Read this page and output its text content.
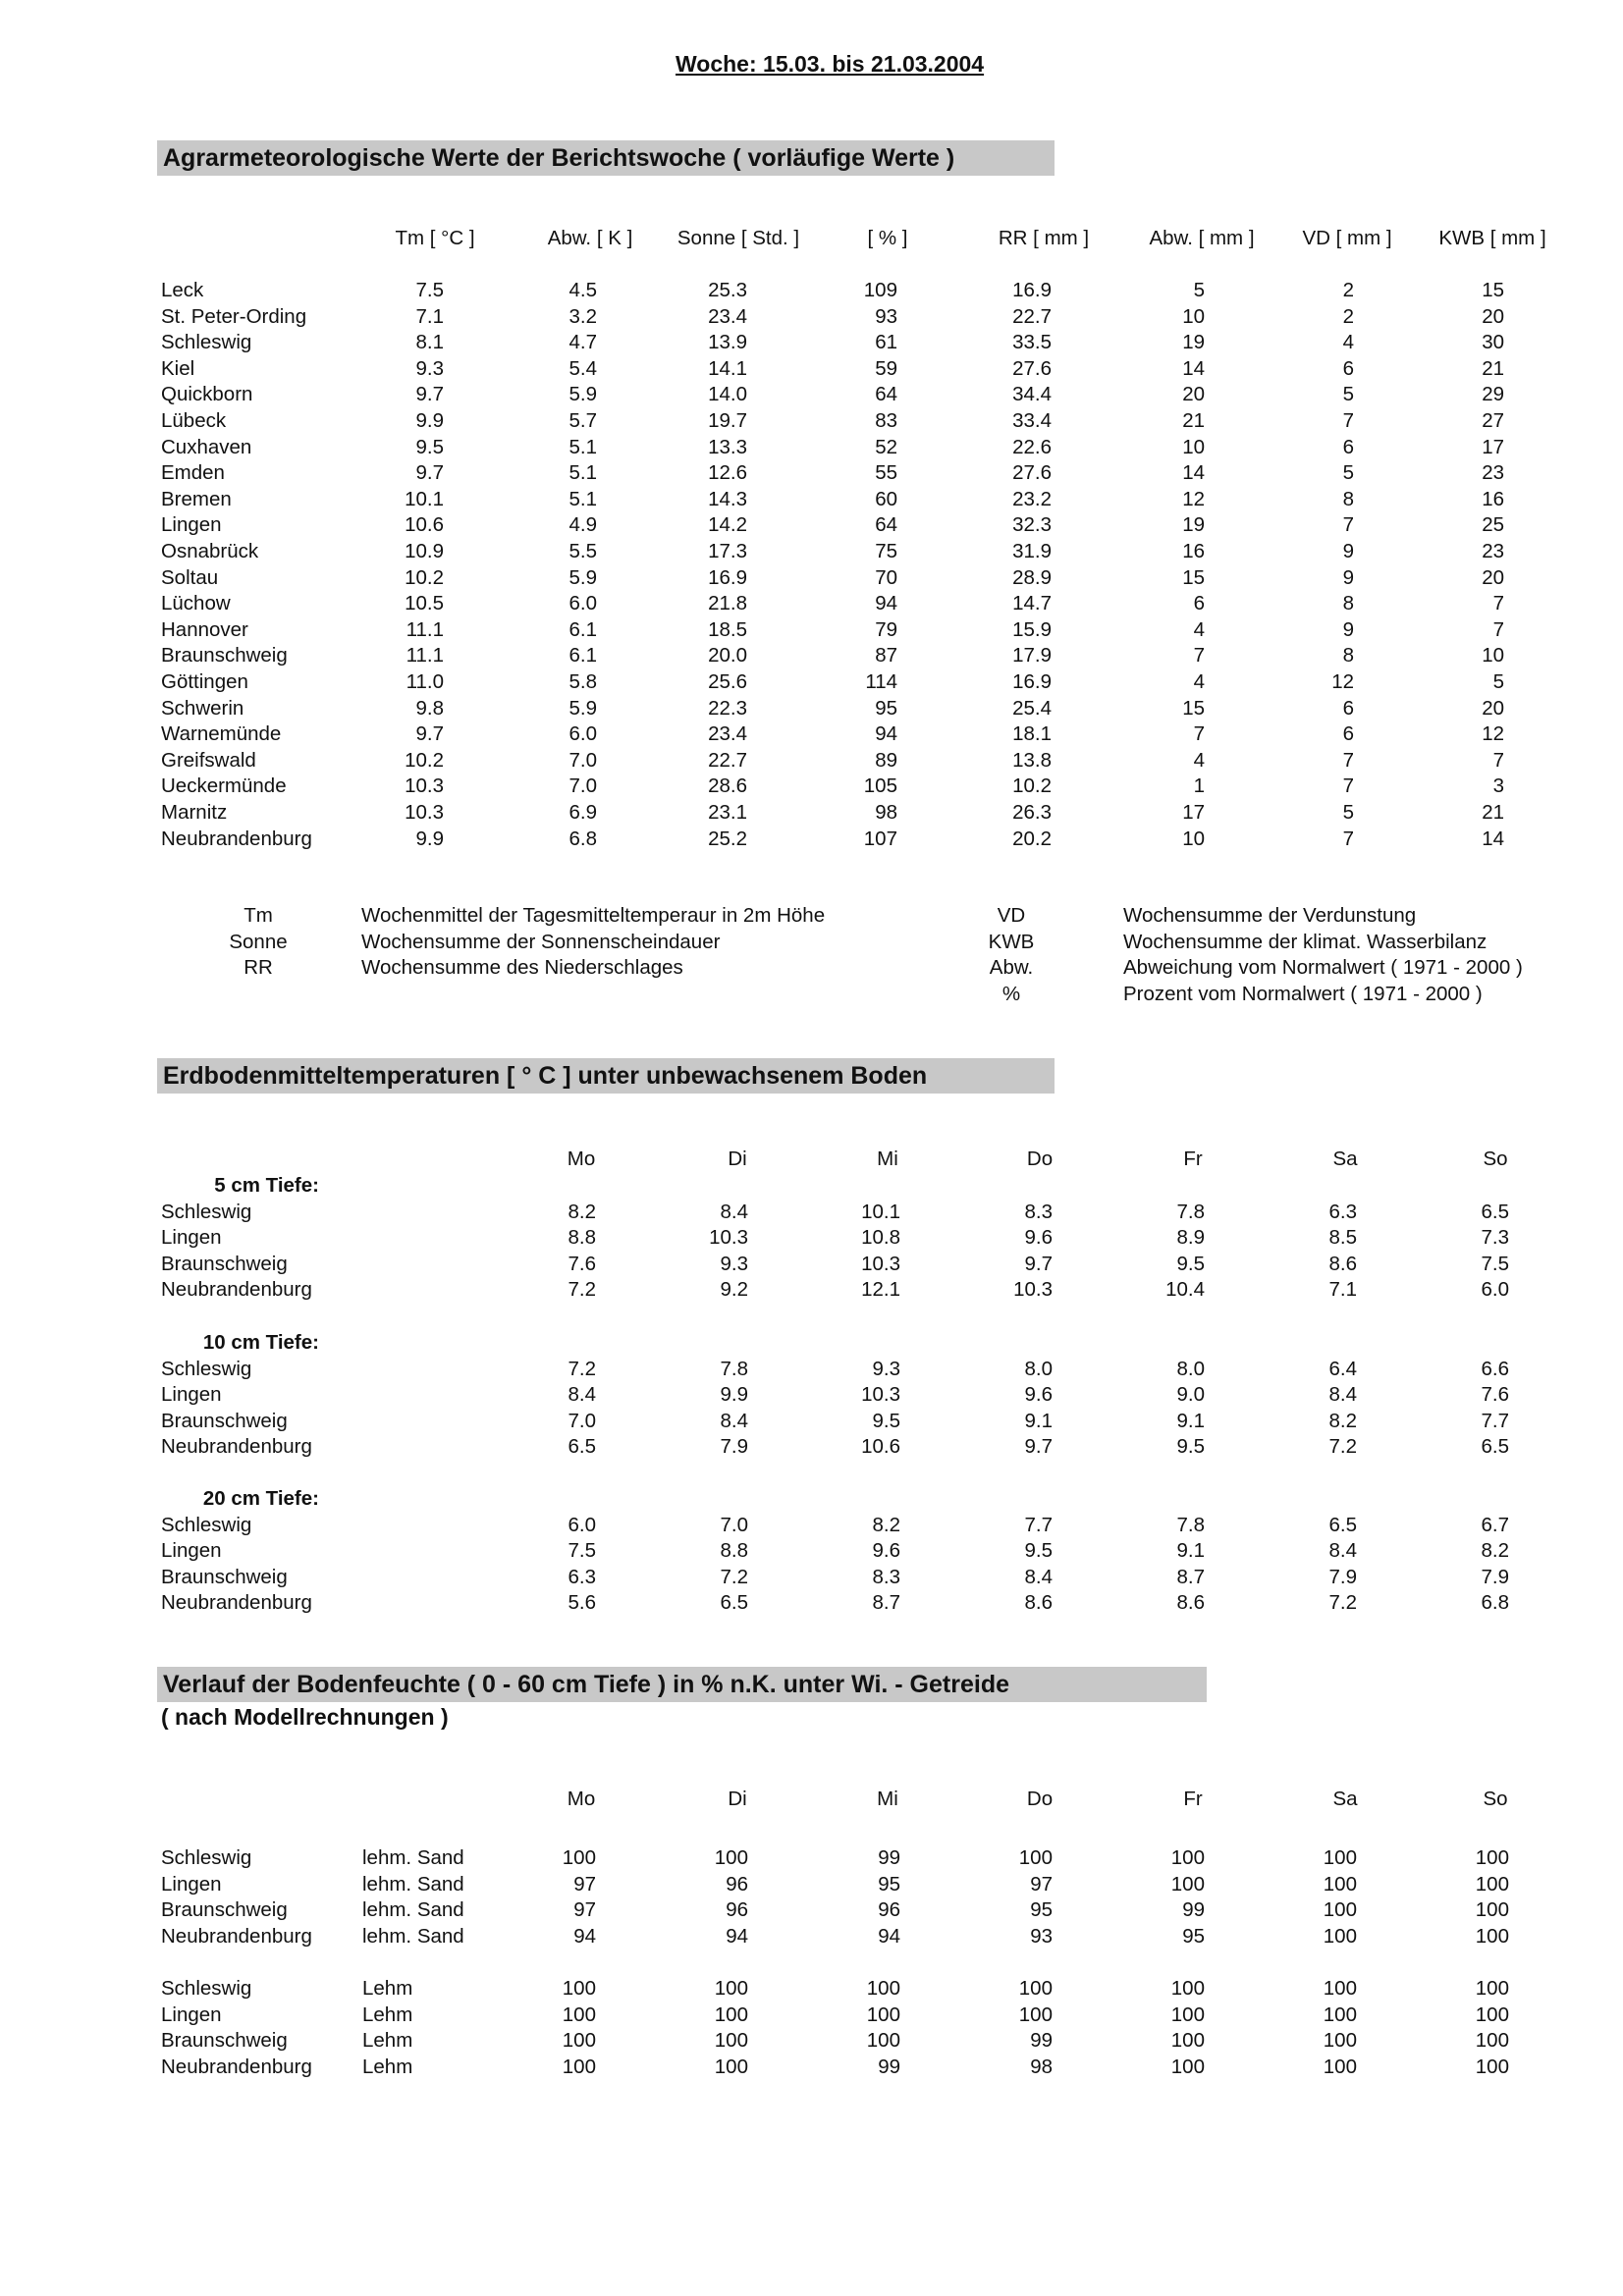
Woche: 15.03. bis 21.03.2004
Agrarmeteorologische Werte der Berichtswoche ( vorläufige Werte )
Tm [ °C ]	Abw. [ K ]	Sonne [ Std. ]	[ % ]	RR [ mm ]	Abw. [ mm ]	VD [ mm ]	KWB [ mm ]
Leck	7.5	4.5	25.3	109	16.9	5	2	15
St. Peter-Ording	7.1	3.2	23.4	93	22.7	10	2	20
Schleswig	8.1	4.7	13.9	61	33.5	19	4	30
Kiel	9.3	5.4	14.1	59	27.6	14	6	21
Quickborn	9.7	5.9	14.0	64	34.4	20	5	29
Lübeck	9.9	5.7	19.7	83	33.4	21	7	27
Cuxhaven	9.5	5.1	13.3	52	22.6	10	6	17
Emden	9.7	5.1	12.6	55	27.6	14	5	23
Bremen	10.1	5.1	14.3	60	23.2	12	8	16
Lingen	10.6	4.9	14.2	64	32.3	19	7	25
Osnabrück	10.9	5.5	17.3	75	31.9	16	9	23
Soltau	10.2	5.9	16.9	70	28.9	15	9	20
Lüchow	10.5	6.0	21.8	94	14.7	6	8	7
Hannover	11.1	6.1	18.5	79	15.9	4	9	7
Braunschweig	11.1	6.1	20.0	87	17.9	7	8	10
Göttingen	11.0	5.8	25.6	114	16.9	4	12	5
Schwerin	9.8	5.9	22.3	95	25.4	15	6	20
Warnemünde	9.7	6.0	23.4	94	18.1	7	6	12
Greifswald	10.2	7.0	22.7	89	13.8	4	7	7
Ueckermünde	10.3	7.0	28.6	105	10.2	1	7	3
Marnitz	10.3	6.9	23.1	98	26.3	17	5	21
Neubrandenburg	9.9	6.8	25.2	107	20.2	10	7	14
Tm	Wochenmittel der Tagesmitteltemperaur in 2m Höhe
Sonne	Wochensumme der Sonnenscheindauer
RR	Wochensumme des Niederschlages
VD	Wochensumme der Verdunstung
KWB	Wochensumme der klimat. Wasserbilanz
Abw.	Abweichung vom Normalwert ( 1971 - 2000 )
%	Prozent vom Normalwert ( 1971 - 2000 )
Erdbodenmitteltemperaturen [ ° C ] unter unbewachsenem Boden
Mo	Di	Mi	Do	Fr	Sa	So
5 cm Tiefe:
Schleswig	8.2	8.4	10.1	8.3	7.8	6.3	6.5
Lingen	8.8	10.3	10.8	9.6	8.9	8.5	7.3
Braunschweig	7.6	9.3	10.3	9.7	9.5	8.6	7.5
Neubrandenburg	7.2	9.2	12.1	10.3	10.4	7.1	6.0
10 cm Tiefe:
Schleswig	7.2	7.8	9.3	8.0	8.0	6.4	6.6
Lingen	8.4	9.9	10.3	9.6	9.0	8.4	7.6
Braunschweig	7.0	8.4	9.5	9.1	9.1	8.2	7.7
Neubrandenburg	6.5	7.9	10.6	9.7	9.5	7.2	6.5
20 cm Tiefe:
Schleswig	6.0	7.0	8.2	7.7	7.8	6.5	6.7
Lingen	7.5	8.8	9.6	9.5	9.1	8.4	8.2
Braunschweig	6.3	7.2	8.3	8.4	8.7	7.9	7.9
Neubrandenburg	5.6	6.5	8.7	8.6	8.6	7.2	6.8
Verlauf der Bodenfeuchte ( 0 - 60 cm Tiefe ) in % n.K. unter Wi. - Getreide
( nach Modellrechnungen )
Mo	Di	Mi	Do	Fr	Sa	So
Schleswig	lehm. Sand	100	100	99	100	100	100	100
Lingen	lehm. Sand	97	96	95	97	100	100	100
Braunschweig	lehm. Sand	97	96	96	95	99	100	100
Neubrandenburg lehm. Sand	94	94	94	93	95	100	100
Schleswig	Lehm	100	100	100	100	100	100	100
Lingen	Lehm	100	100	100	100	100	100	100
Braunschweig	Lehm	100	100	100	99	100	100	100
Neubrandenburg Lehm	100	100	99	98	100	100	100
